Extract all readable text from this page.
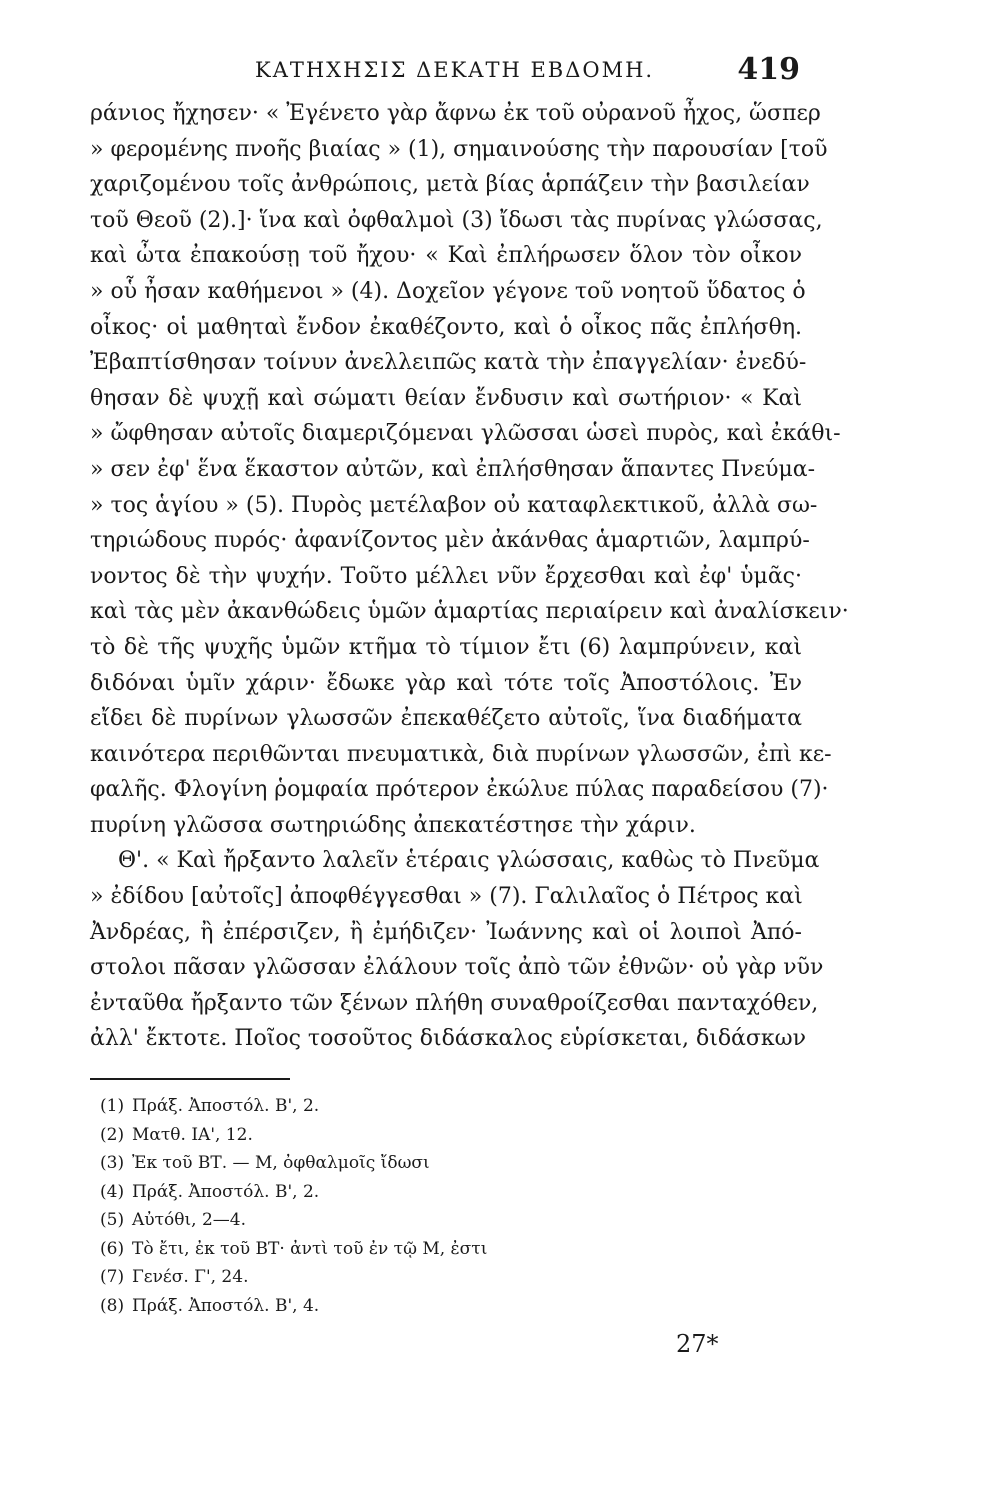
ΚΑΤΗΧΗΣΙΣ ΔΕΚΑΤΗ ΕΒΔΟΜΗ.	419
ράνιος ἤχησεν· « Ἐγένετο γὰρ ἄφνω ἐκ τοῦ οὐρανοῦ ἦχος, ὥσπερ
» φερομένης πνοῆς βιαίας » (1), σημαινούσης τὴν παρουσίαν [τοῦ
χαριζομένου τοῖς ἀνθρώποις, μετὰ βίας ἁρπάζειν τὴν βασιλείαν
τοῦ Θεοῦ (2).]· ἵνα καὶ ὀφθαλμοὶ (3) ἴδωσι τὰς πυρίνας γλώσσας,
καὶ ὦτα ἐπακούσῃ τοῦ ἤχου· « Καὶ ἐπλήρωσεν ὅλον τὸν οἶκον
» οὗ ἦσαν καθήμενοι » (4). Δοχεῖον γέγονε τοῦ νοητοῦ ὕδατος ὁ
οἶκος· οἱ μαθηταὶ ἔνδον ἐκαθέζοντο, καὶ ὁ οἶκος πᾶς ἐπλήσθη.
Ἐβαπτίσθησαν τοίνυν ἀνελλειπῶς κατὰ τὴν ἐπαγγελίαν· ἐνεδύ-
θησαν δὲ ψυχῇ καὶ σώματι θείαν ἔνδυσιν καὶ σωτήριον· « Καὶ
» ὤφθησαν αὐτοῖς διαμεριζόμεναι γλῶσσαι ὡσεὶ πυρὸς, καὶ ἐκάθι-
» σεν ἐφ' ἕνα ἕκαστον αὐτῶν, καὶ ἐπλήσθησαν ἅπαντες Πνεύμα-
» τος ἁγίου » (5). Πυρὸς μετέλαβον οὐ καταφλεκτικοῦ, ἀλλὰ σω-
τηριώδους πυρός· ἀφανίζοντος μὲν ἀκάνθας ἁμαρτιῶν, λαμπρύ-
νοντος δὲ τὴν ψυχήν. Τοῦτο μέλλει νῦν ἔρχεσθαι καὶ ἐφ' ὑμᾶς·
καὶ τὰς μὲν ἀκανθώδεις ὑμῶν ἁμαρτίας περιαίρειν καὶ ἀναλίσκειν·
τὸ δὲ τῆς ψυχῆς ὑμῶν κτῆμα τὸ τίμιον ἔτι (6) λαμπρύνειν, καὶ
διδόναι ὑμῖν χάριν· ἔδωκε γὰρ καὶ τότε τοῖς Ἀποστόλοις. Ἐν
εἴδει δὲ πυρίνων γλωσσῶν ἐπεκαθέζετο αὐτοῖς, ἵνα διαδήματα
καινότερα περιθῶνται πνευματικὰ, διὰ πυρίνων γλωσσῶν, ἐπὶ κε-
φαλῆς. Φλογίνη ῥομφαία πρότερον ἐκώλυε πύλας παραδείσου (7)·
πυρίνη γλῶσσα σωτηριώδης ἀπεκατέστησε τὴν χάριν.
Θ'. « Καὶ ἤρξαντο λαλεῖν ἑτέραις γλώσσαις, καθὼς τὸ Πνεῦμα
» ἐδίδου [αὐτοῖς] ἀποφθέγγεσθαι » (7). Γαλιλαῖος ὁ Πέτρος καὶ
Ἀνδρέας, ἢ ἐπέρσιζεν, ἢ ἐμήδιζεν· Ἰωάννης καὶ οἱ λοιποὶ Ἀπό-
στολοι πᾶσαν γλῶσσαν ἐλάλουν τοῖς ἀπὸ τῶν ἐθνῶν· οὐ γὰρ νῦν
ἐνταῦθα ἤρξαντο τῶν ξένων πλήθη συναθροίζεσθαι πανταχόθεν,
ἀλλ' ἔκτοτε. Ποῖος τοσοῦτος διδάσκαλος εὑρίσκεται, διδάσκων
(1) Πράξ. Ἀποστόλ. Β', 2.
(2) Ματθ. ΙΑ', 12.
(3) Ἐκ τοῦ ΒΤ. — Μ, ὀφθαλμοῖς ἴδωσι
(4) Πράξ. Ἀποστόλ. Β', 2.
(5) Αὐτόθι, 2—4.
(6) Τὸ ἔτι, ἐκ τοῦ ΒΤ· ἀντὶ τοῦ ἐν τῷ Μ, ἐστι
(7) Γενέσ. Γ', 24.
(8) Πράξ. Ἀποστόλ. Β', 4.
27*
